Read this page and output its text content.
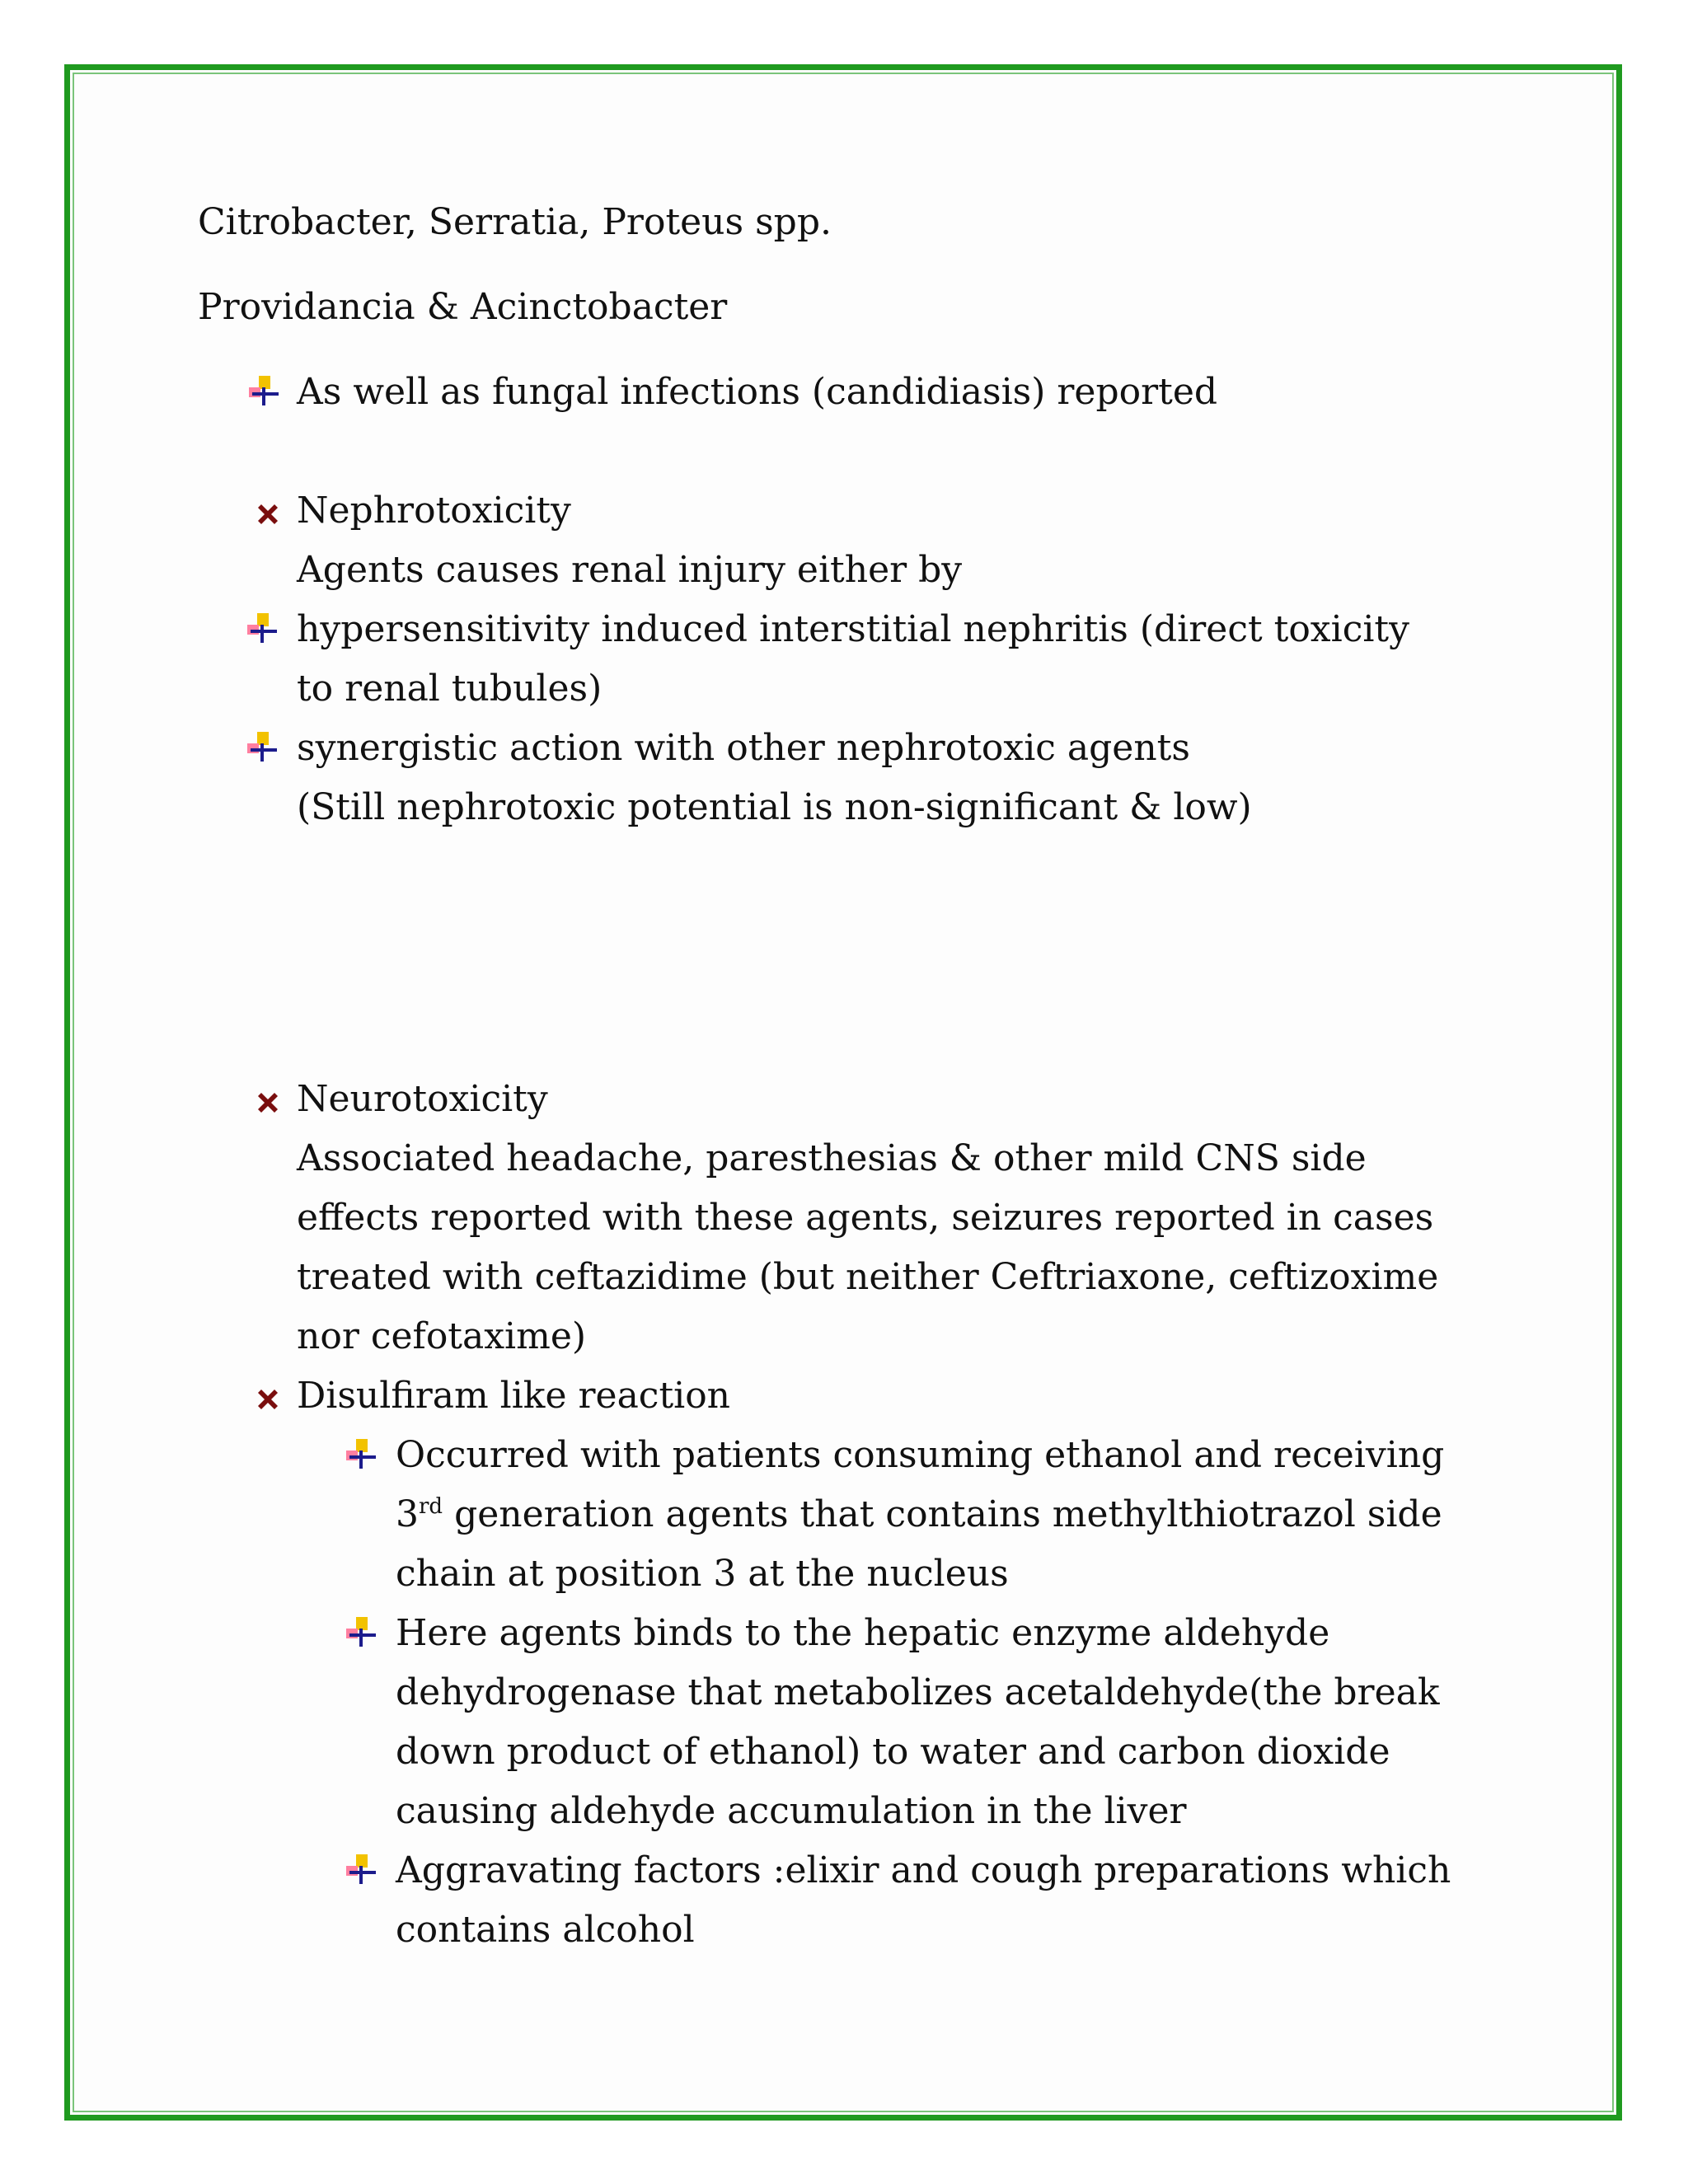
Citrobacter, Serratia, Proteus spp.
Providancia & Acinctobacter
As well as fungal infections (candidiasis) reported
Nephrotoxicity
Agents causes renal injury either by
hypersensitivity induced interstitial nephritis (direct toxicity
to renal tubules)
synergistic action with other nephrotoxic agents
(Still nephrotoxic potential is non-significant & low)
Neurotoxicity
Associated headache, paresthesias & other mild CNS side
effects reported with these agents, seizures reported in cases
treated with ceftazidime (but neither Ceftriaxone, ceftizoxime
nor cefotaxime)
Disulfiram like reaction
Occurred with patients consuming ethanol and receiving
3rd generation agents that contains methylthiotrazol side
chain at position 3 at the nucleus
Here agents binds to the hepatic enzyme aldehyde
dehydrogenase that metabolizes acetaldehyde(the break
down product of ethanol) to water and carbon dioxide
causing aldehyde accumulation in the liver
Aggravating factors :elixir and cough preparations which
contains alcohol
